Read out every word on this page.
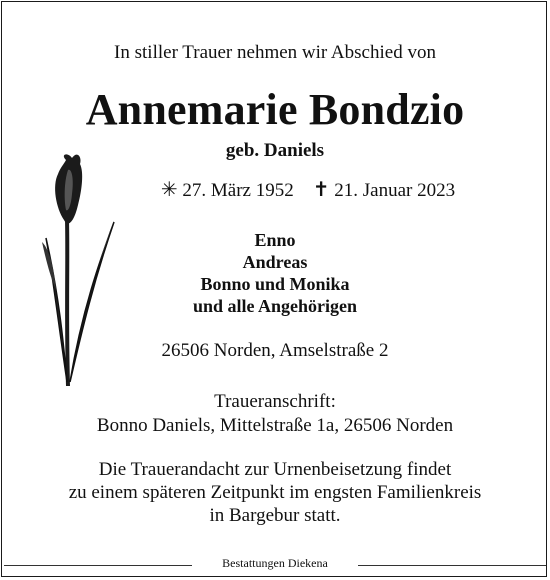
In stiller Trauer nehmen wir Abschied von
Annemarie Bondzio
geb. Daniels
✳ 27. März 1952 ✝ 21. Januar 2023
Enno
Andreas
Bonno und Monika
und alle Angehörigen
26506 Norden, Amselstraße 2
Traueranschrift:
Bonno Daniels, Mittelstraße 1a, 26506 Norden
Die Trauerandacht zur Urnenbeisetzung findet
zu einem späteren Zeitpunkt im engsten Familienkreis
in Bargebur statt.
Bestattungen Diekena
